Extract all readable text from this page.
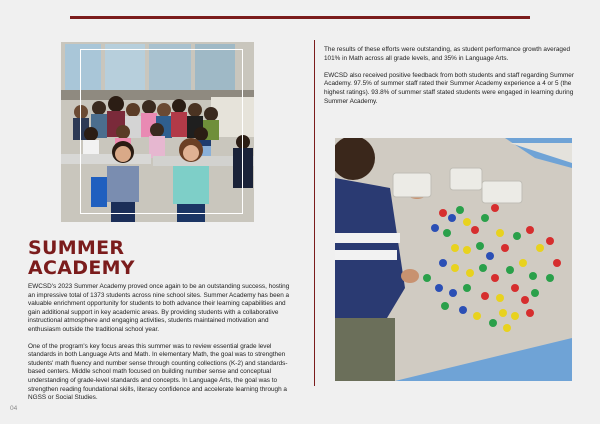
SUMMER
ACADEMY

EWCSD's 2023 Summer Academy proved once again to be an outstanding success, hosting an impressive total of 1373 students across nine school sites. Summer Academy has been a valuable enrichment opportunity for students to both advance their learning capabilities and gain additional support in key academic areas. By providing students with a collaborative instructional atmosphere and engaging activities, students maintained motivation and enthusiasm outside the traditional school year.

One of the program's key focus areas this summer was to review essential grade level standards in both Language Arts and Math. In elementary Math, the goal was to strengthen students' math fluency and number sense through counting collections (K-2) and standards-based centers. Middle school math focused on building number sense and conceptual understanding of grade-level standards and concepts. In Language Arts, the goal was to strengthen reading foundational skills, literacy confidence and accelerate learning through a NGSS or Social Studies.

The results of these efforts were outstanding, as student performance growth averaged 101% in Math across all grade levels, and 35% in Language Arts.

EWCSD also received positive feedback from both students and staff regarding Summer Academy. 97.5% of summer staff rated their Summer Academy experience a 4 or 5 (the highest ratings). 93.8% of summer staff stated students were engaged in learning during Summer Academy.

04
